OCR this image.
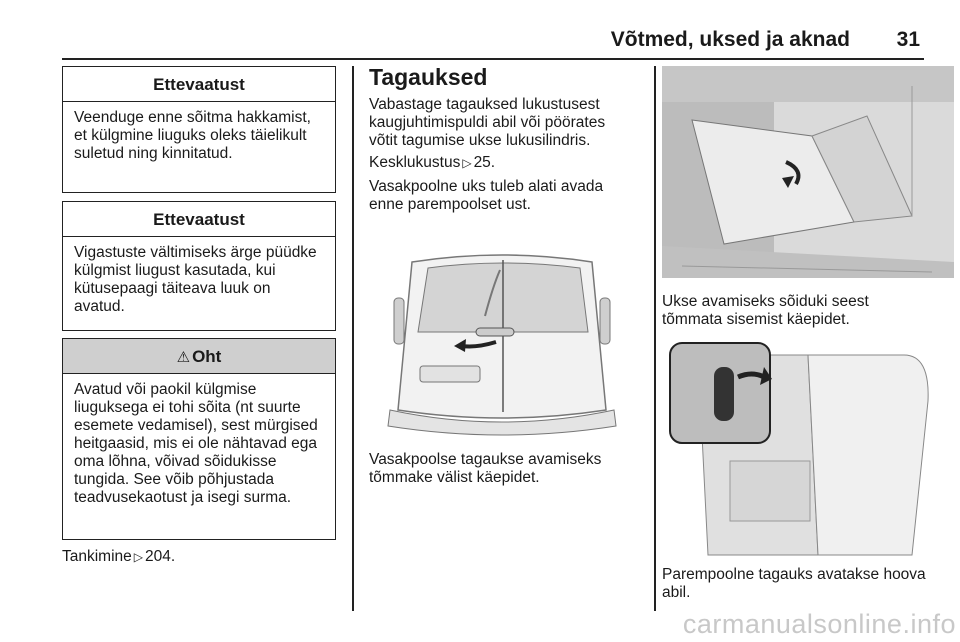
Võtmed, uksed ja aknad 31
Ettevaatust
Veenduge enne sõitma hakkamist, et külgmine liuguks oleks täielikult suletud ning kinnitatud.
Ettevaatust
Vigastuste vältimiseks ärge püüdke külgmist liugust kasutada, kui kütusepaagi täiteava luuk on avatud.
⚠ Oht
Avatud või paokil külgmise liuguksega ei tohi sõita (nt suurte esemete vedamisel), sest mürgised heitgaasid, mis ei ole nähtavad ega oma lõhna, võivad sõidukisse tungida. See võib põhjustada teadvusekaotust ja isegi surma.
Tankimine ▷ 204.
Tagauksed
Vabastage tagauksed lukustusest kaugjuhtimispuldi abil või pöörates võtit tagumise ukse lukusilindris.
Kesklukustus ▷ 25.
Vasakpoolne uks tuleb alati avada enne parempoolset ust.
Vasakpoolse tagaukse avamiseks tõmmake välist käepidet.
Ukse avamiseks sõiduki seest tõmmata sisemist käepidet.
Parempoolne tagauks avatakse hoova abil.
carmanualsonline.info
